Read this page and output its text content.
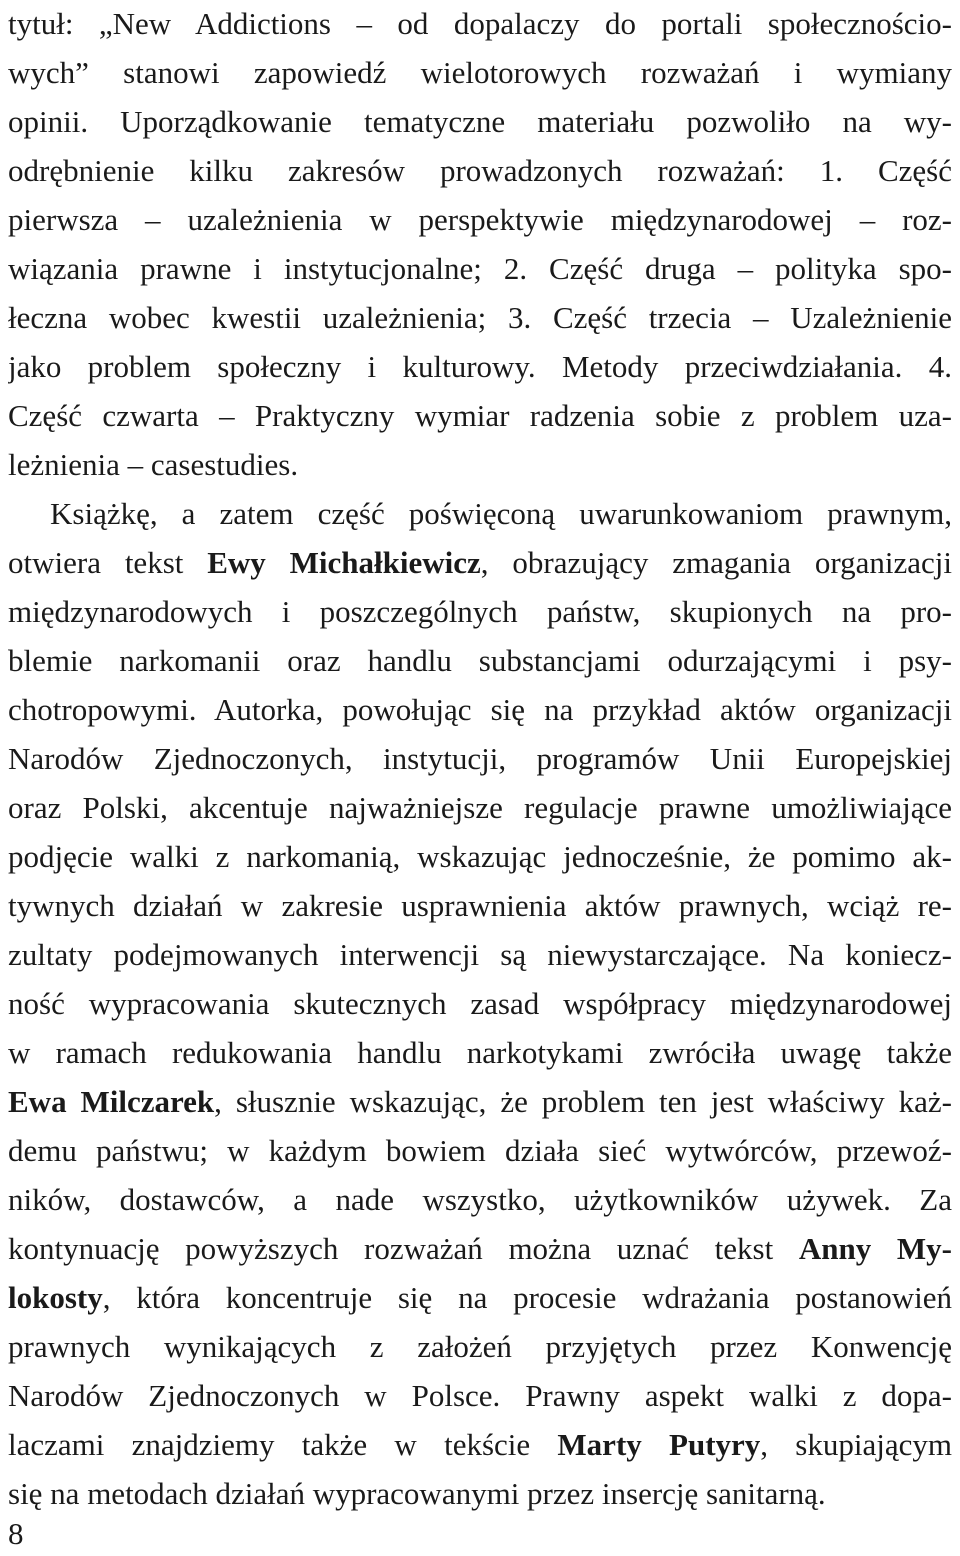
tytuł: „New Addictions – od dopalaczy do portali społecznościo-
wych” stanowi zapowiedź wielotorowych rozważań i wymiany
opinii. Uporządkowanie tematyczne materiału pozwoliło na wy-
odrębnienie kilku zakresów prowadzonych rozważań: 1. Część
pierwsza – uzależnienia w perspektywie międzynarodowej – roz-
wiązania prawne i instytucjonalne; 2. Część druga – polityka spo-
łeczna wobec kwestii uzależnienia; 3. Część trzecia – Uzależnienie
jako problem społeczny i kulturowy. Metody przeciwdziałania. 4.
Część czwarta – Praktyczny wymiar radzenia sobie z problem uza-
leżnienia – casestudies.
Książkę, a zatem część poświęconą uwarunkowaniom prawnym,
otwiera tekst Ewy Michałkiewicz, obrazujący zmagania organizacji
międzynarodowych i poszczególnych państw, skupionych na pro-
blemie narkomanii oraz handlu substancjami odurzającymi i psy-
chotropowymi. Autorka, powołując się na przykład aktów organizacji
Narodów Zjednoczonych, instytucji, programów Unii Europejskiej
oraz Polski, akcentuje najważniejsze regulacje prawne umożliwiające
podjęcie walki z narkomanią, wskazując jednocześnie, że pomimo ak-
tywnych działań w zakresie usprawnienia aktów prawnych, wciąż re-
zultaty podejmowanych interwencji są niewystarczające. Na koniecz-
ność wypracowania skutecznych zasad współpracy międzynarodowej
w ramach redukowania handlu narkotykami zwróciła uwagę także
Ewa Milczarek, słusznie wskazując, że problem ten jest właściwy każ-
demu państwu; w każdym bowiem działa sieć wytwórców, przewoź-
ników, dostawców, a nade wszystko, użytkowników używek. Za
kontynuację powyższych rozważań można uznać tekst Anny My-
lokosty, która koncentruje się na procesie wdrażania postanowień
prawnych wynikających z założeń przyjętych przez Konwencję
Narodów Zjednoczonych w Polsce. Prawny aspekt walki z dopa-
laczami znajdziemy także w tekście Marty Putyry, skupiającym
się na metodach działań wypracowanymi przez insercję sanitarną.
8
